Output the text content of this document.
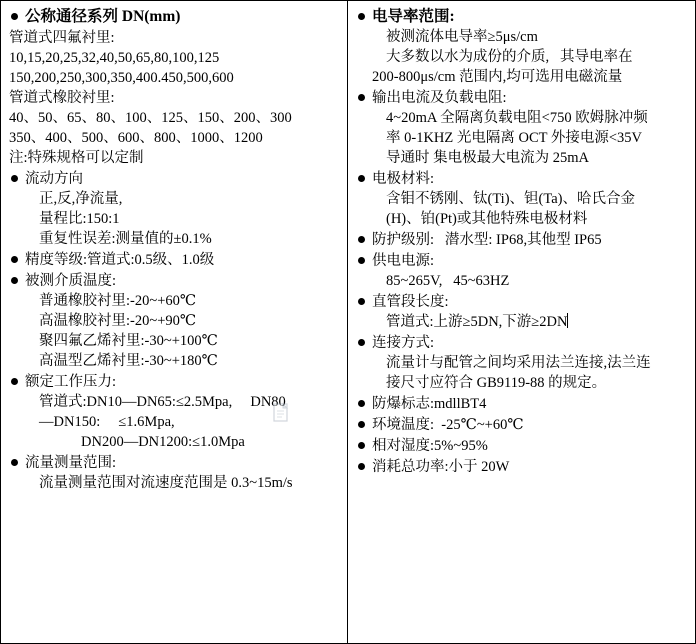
公称通径系列 DN(mm)
管道式四氟衬里:
10,15,20,25,32,40,50,65,80,100,125
150,200,250,300,350,400.450,500,600
管道式橡胶衬里:
40、50、65、80、100、125、150、200、300
350、400、500、600、800、1000、1200
注:特殊规格可以定制
流动方向
正,反,净流量,
量程比:150:1
重复性误差:测量值的±0.1%
精度等级:管道式:0.5级、1.0级
被测介质温度:
普通橡胶衬里:-20~+60℃
高温橡胶衬里:-20~+90℃
聚四氟乙烯衬里:-30~+100℃
高温型乙烯衬里:-30~+180℃
额定工作压力:
管道式:DN10—DN65:≤2.5Mpa,     DN80
—DN150:     ≤1.6Mpa,
DN200—DN1200:≤1.0Mpa
流量测量范围:
流量测量范围对流速度范围是 0.3~15m/s
电导率范围:
被测流体电导率≥5μs/cm
大多数以水为成份的介质,   其导电率在
200-800μs/cm 范围内,均可选用电磁流量
输出电流及负载电阻:
4~20mA 全隔离负载电阻<750 欧姆脉冲频
率 0-1KHZ 光电隔离 OCT 外接电源<35V
导通时 集电极最大电流为 25mA
电极材料:
含钼不锈刚、钛(Ti)、钽(Ta)、哈氏合金
(H)、铂(Pt)或其他特殊电极材料
防护级别:   潜水型: IP68,其他型 IP65
供电电源:
85~265V,   45~63HZ
直管段长度:
管道式:上游≥5DN,下游≥2DN
连接方式:
流量计与配管之间均采用法兰连接,法兰连
接尺寸应符合 GB9119-88 的规定。
防爆标志:mdllBT4
环境温度:  -25℃~+60℃
相对湿度:5%~95%
消耗总功率:小于 20W
